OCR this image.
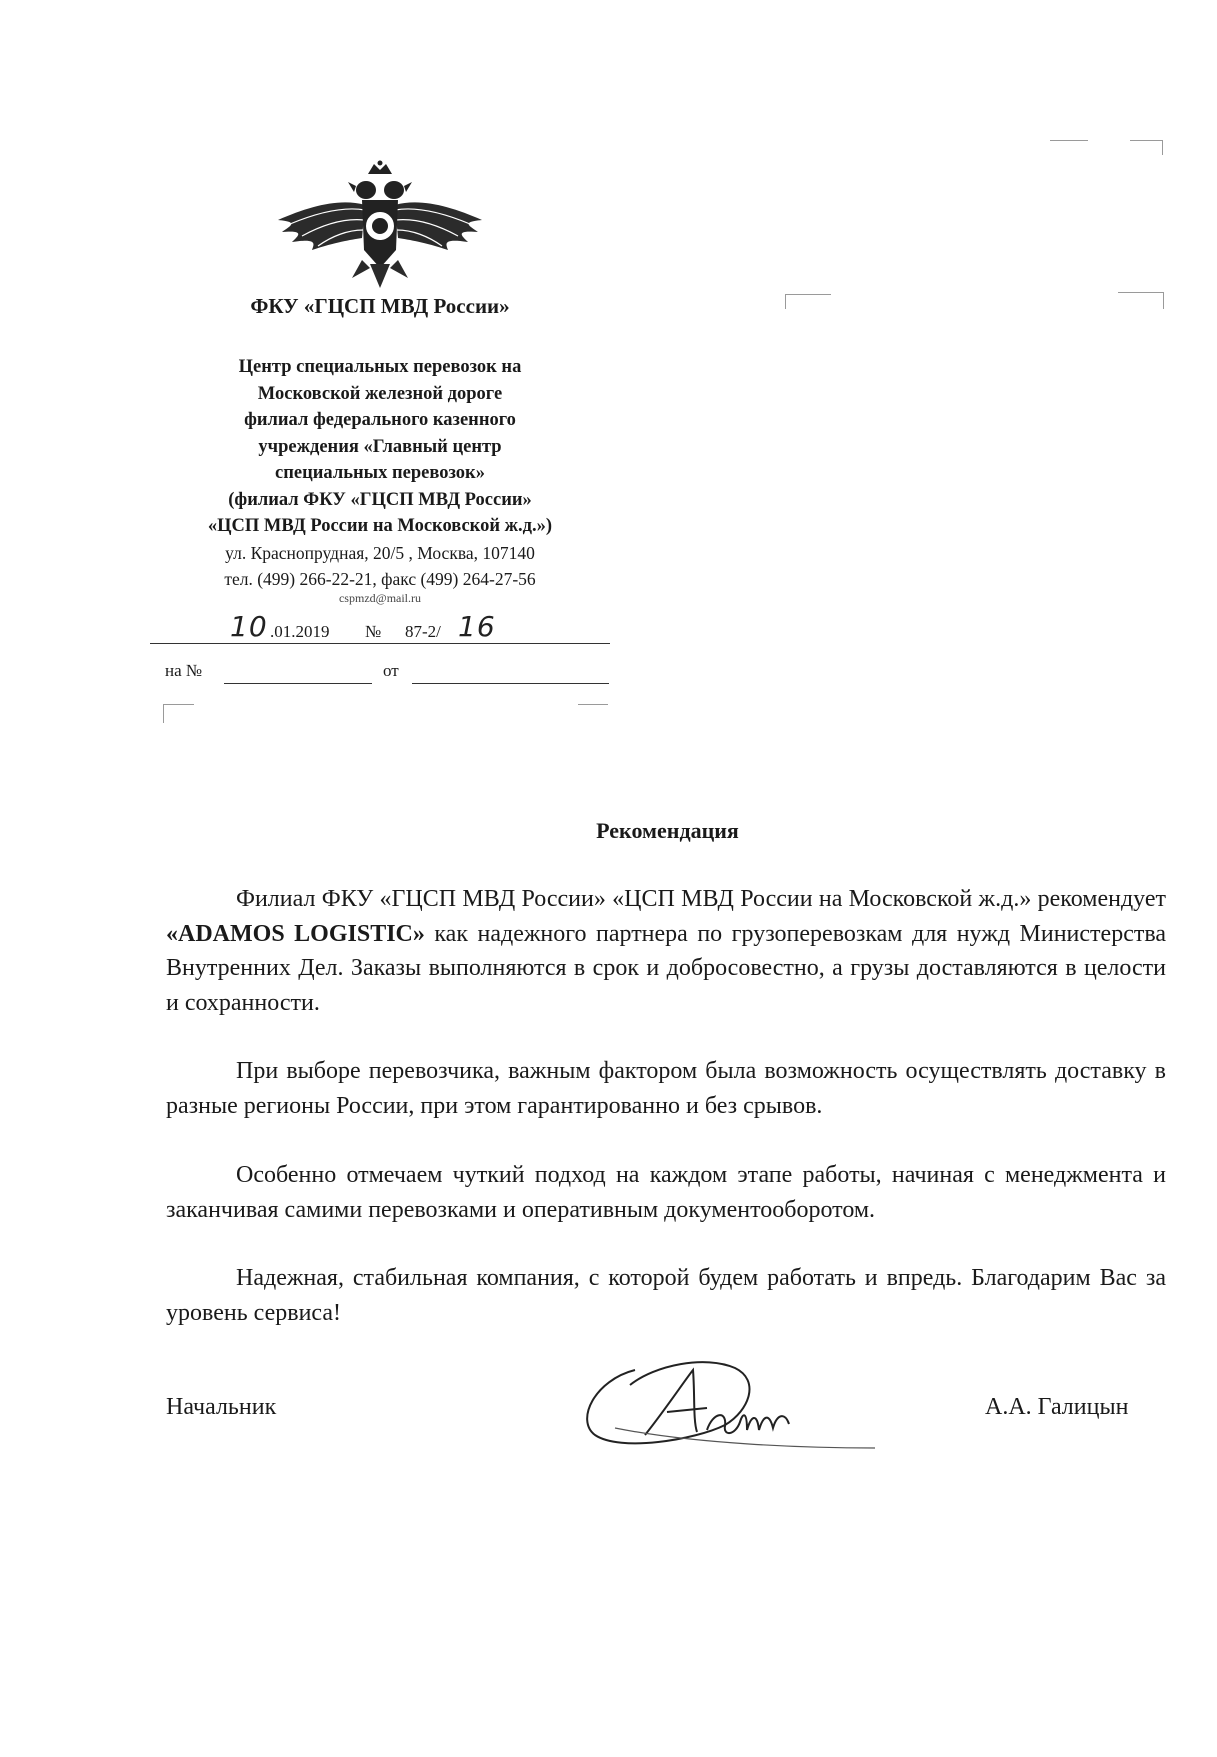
ФКУ «ГЦСП МВД России»
Центр специальных перевозок на
Московской железной дороге
филиал федерального казенного
учреждения «Главный центр
специальных перевозок»
(филиал ФКУ «ГЦСП МВД России»
«ЦСП МВД России на Московской ж.д.»)
ул. Краснопрудная, 20/5 , Москва, 107140
тел. (499) 266-22-21, факс (499) 264-27-56
cspmzd@mail.ru
10 .01.2019 № 87-2/ 16
на №	от
Рекомендация

Филиал ФКУ «ГЦСП МВД России» «ЦСП МВД России на Московской ж.д.» рекомендует «ADAMOS LOGISTIC» как надежного партнера по грузоперевозкам для нужд Министерства Внутренних Дел. Заказы выполняются в срок и добросовестно, а грузы доставляются в целости и сохранности.

При выборе перевозчика, важным фактором была возможность осуществлять доставку в разные регионы России, при этом гарантированно и без срывов.

Особенно отмечаем чуткий подход на каждом этапе работы, начиная с менеджмента и заканчивая самими перевозками и оперативным документооборотом.

Надежная, стабильная компания, с которой будем работать и впредь. Благодарим Вас за уровень сервиса!

Начальник	А.А. Галицын
